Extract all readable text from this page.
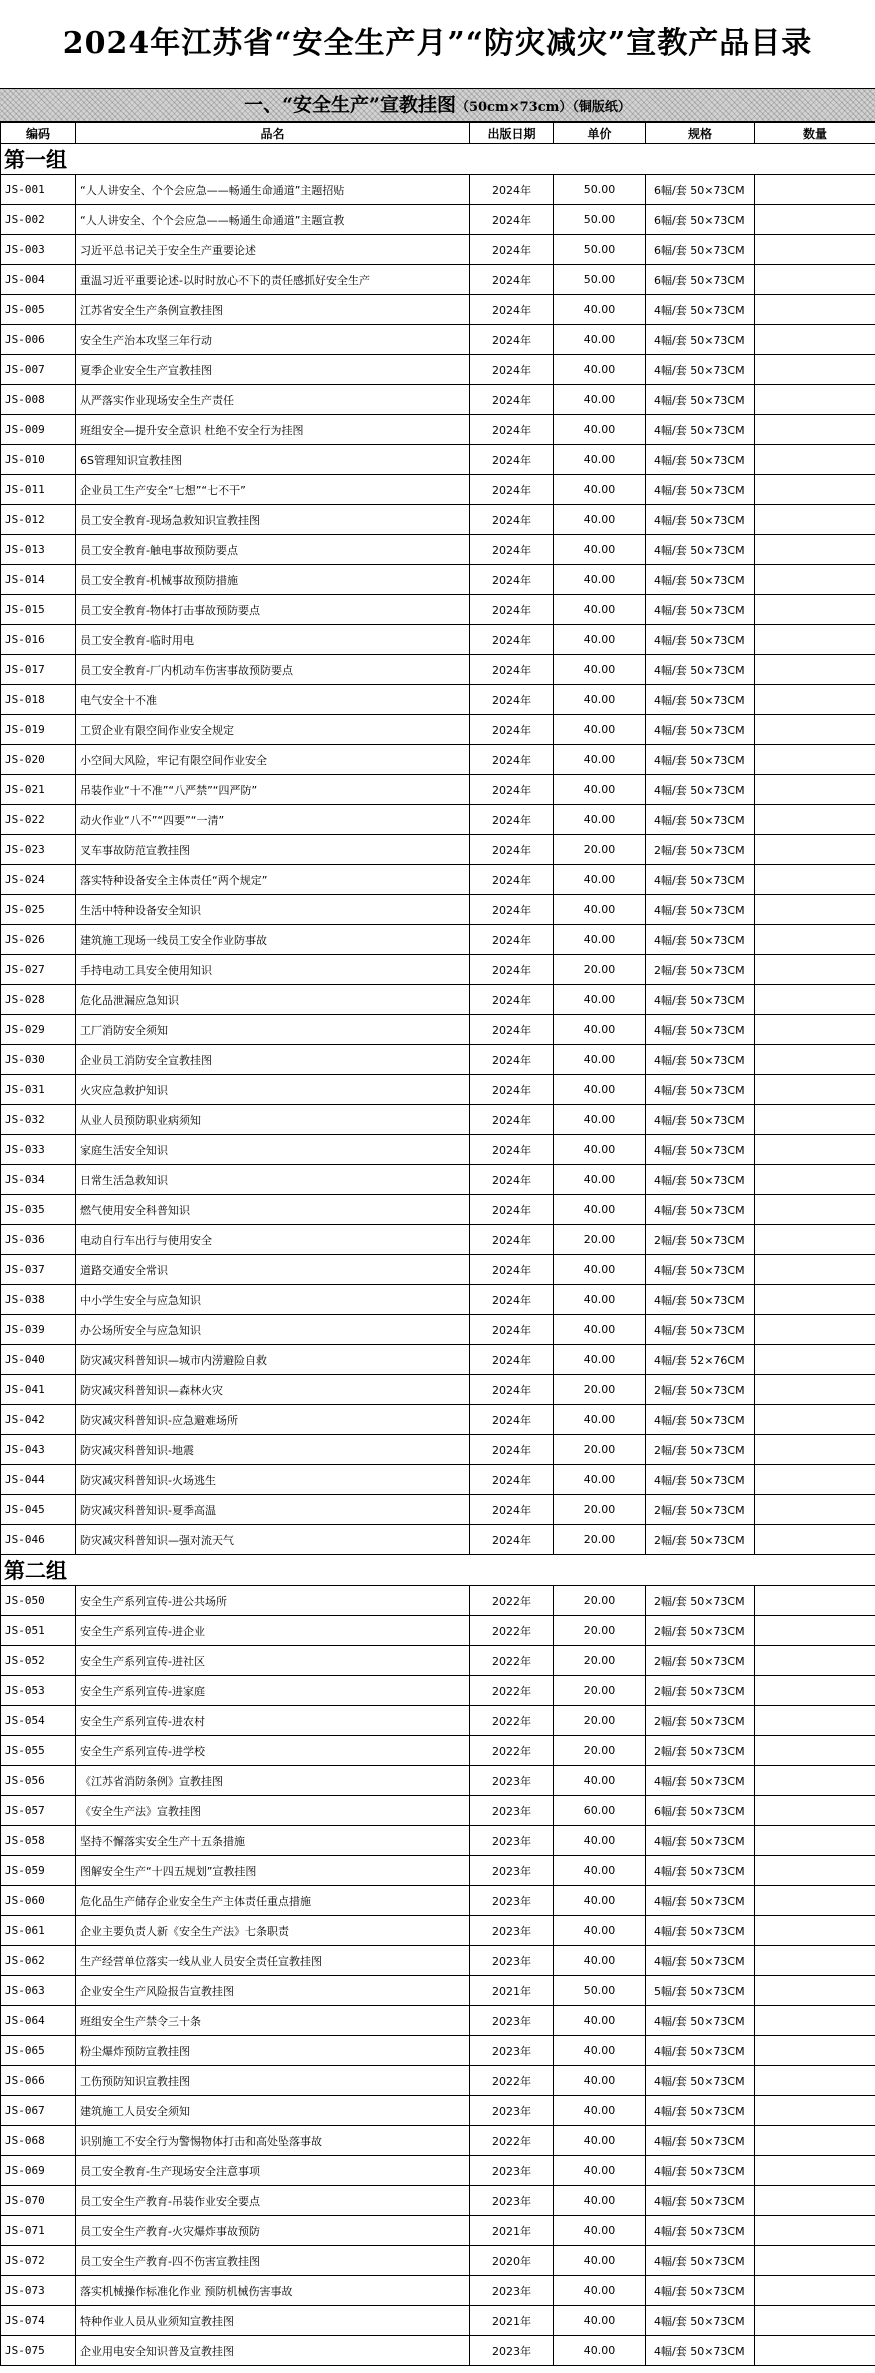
2024年江苏省“安全生产月”“防灾减灾”宣教产品目录
一、“安全生产”宣教挂图（50cm×73cm）（铜版纸）
编码	品名	出版日期	单价	规格	数量
第一组					
JS-001	“人人讲安全、个个会应急——畅通生命通道”主题招贴	2024年	50.00	6幅/套 50×73CM	
JS-002	“人人讲安全、个个会应急——畅通生命通道”主题宣教	2024年	50.00	6幅/套 50×73CM	
JS-003	习近平总书记关于安全生产重要论述	2024年	50.00	6幅/套 50×73CM	
JS-004	重温习近平重要论述-以时时放心不下的责任感抓好安全生产	2024年	50.00	6幅/套 50×73CM	
JS-005	江苏省安全生产条例宣教挂图	2024年	40.00	4幅/套 50×73CM	
JS-006	安全生产治本攻坚三年行动	2024年	40.00	4幅/套 50×73CM	
JS-007	夏季企业安全生产宣教挂图	2024年	40.00	4幅/套 50×73CM	
JS-008	从严落实作业现场安全生产责任	2024年	40.00	4幅/套 50×73CM	
JS-009	班组安全—提升安全意识 杜绝不安全行为挂图	2024年	40.00	4幅/套 50×73CM	
JS-010	6S管理知识宣教挂图	2024年	40.00	4幅/套 50×73CM	
JS-011	企业员工生产安全“七想”“七不干”	2024年	40.00	4幅/套 50×73CM	
JS-012	员工安全教育-现场急救知识宣教挂图	2024年	40.00	4幅/套 50×73CM	
JS-013	员工安全教育-触电事故预防要点	2024年	40.00	4幅/套 50×73CM	
JS-014	员工安全教育-机械事故预防措施	2024年	40.00	4幅/套 50×73CM	
JS-015	员工安全教育-物体打击事故预防要点	2024年	40.00	4幅/套 50×73CM	
JS-016	员工安全教育-临时用电	2024年	40.00	4幅/套 50×73CM	
JS-017	员工安全教育-厂内机动车伤害事故预防要点	2024年	40.00	4幅/套 50×73CM	
JS-018	电气安全十不准	2024年	40.00	4幅/套 50×73CM	
JS-019	工贸企业有限空间作业安全规定	2024年	40.00	4幅/套 50×73CM	
JS-020	小空间大风险，牢记有限空间作业安全	2024年	40.00	4幅/套 50×73CM	
JS-021	吊装作业“十不准”“八严禁”“四严防”	2024年	40.00	4幅/套 50×73CM	
JS-022	动火作业“八不”“四要”“一清”	2024年	40.00	4幅/套 50×73CM	
JS-023	叉车事故防范宣教挂图	2024年	20.00	2幅/套 50×73CM	
JS-024	落实特种设备安全主体责任“两个规定”	2024年	40.00	4幅/套 50×73CM	
JS-025	生活中特种设备安全知识	2024年	40.00	4幅/套 50×73CM	
JS-026	建筑施工现场一线员工安全作业防事故	2024年	40.00	4幅/套 50×73CM	
JS-027	手持电动工具安全使用知识	2024年	20.00	2幅/套 50×73CM	
JS-028	危化品泄漏应急知识	2024年	40.00	4幅/套 50×73CM	
JS-029	工厂消防安全须知	2024年	40.00	4幅/套 50×73CM	
JS-030	企业员工消防安全宣教挂图	2024年	40.00	4幅/套 50×73CM	
JS-031	火灾应急救护知识	2024年	40.00	4幅/套 50×73CM	
JS-032	从业人员预防职业病须知	2024年	40.00	4幅/套 50×73CM	
JS-033	家庭生活安全知识	2024年	40.00	4幅/套 50×73CM	
JS-034	日常生活急救知识	2024年	40.00	4幅/套 50×73CM	
JS-035	燃气使用安全科普知识	2024年	40.00	4幅/套 50×73CM	
JS-036	电动自行车出行与使用安全	2024年	20.00	2幅/套 50×73CM	
JS-037	道路交通安全常识	2024年	40.00	4幅/套 50×73CM	
JS-038	中小学生安全与应急知识	2024年	40.00	4幅/套 50×73CM	
JS-039	办公场所安全与应急知识	2024年	40.00	4幅/套 50×73CM	
JS-040	防灾减灾科普知识—城市内涝避险自救	2024年	40.00	4幅/套 52×76CM	
JS-041	防灾减灾科普知识—森林火灾	2024年	20.00	2幅/套 50×73CM	
JS-042	防灾减灾科普知识-应急避难场所	2024年	40.00	4幅/套 50×73CM	
JS-043	防灾减灾科普知识-地震	2024年	20.00	2幅/套 50×73CM	
JS-044	防灾减灾科普知识-火场逃生	2024年	40.00	4幅/套 50×73CM	
JS-045	防灾减灾科普知识-夏季高温	2024年	20.00	2幅/套 50×73CM	
JS-046	防灾减灾科普知识—强对流天气	2024年	20.00	2幅/套 50×73CM	
第二组					
JS-050	安全生产系列宣传-进公共场所	2022年	20.00	2幅/套 50×73CM	
JS-051	安全生产系列宣传-进企业	2022年	20.00	2幅/套 50×73CM	
JS-052	安全生产系列宣传-进社区	2022年	20.00	2幅/套 50×73CM	
JS-053	安全生产系列宣传-进家庭	2022年	20.00	2幅/套 50×73CM	
JS-054	安全生产系列宣传-进农村	2022年	20.00	2幅/套 50×73CM	
JS-055	安全生产系列宣传-进学校	2022年	20.00	2幅/套 50×73CM	
JS-056	《江苏省消防条例》宣教挂图	2023年	40.00	4幅/套 50×73CM	
JS-057	《安全生产法》宣教挂图	2023年	60.00	6幅/套 50×73CM	
JS-058	坚持不懈落实安全生产十五条措施	2023年	40.00	4幅/套 50×73CM	
JS-059	图解安全生产“十四五规划”宣教挂图	2023年	40.00	4幅/套 50×73CM	
JS-060	危化品生产储存企业安全生产主体责任重点措施	2023年	40.00	4幅/套 50×73CM	
JS-061	企业主要负责人新《安全生产法》七条职责	2023年	40.00	4幅/套 50×73CM	
JS-062	生产经营单位落实一线从业人员安全责任宣教挂图	2023年	40.00	4幅/套 50×73CM	
JS-063	企业安全生产风险报告宣教挂图	2021年	50.00	5幅/套 50×73CM	
JS-064	班组安全生产禁令三十条	2023年	40.00	4幅/套 50×73CM	
JS-065	粉尘爆炸预防宣教挂图	2023年	40.00	4幅/套 50×73CM	
JS-066	工伤预防知识宣教挂图	2022年	40.00	4幅/套 50×73CM	
JS-067	建筑施工人员安全须知	2023年	40.00	4幅/套 50×73CM	
JS-068	识别施工不安全行为警惕物体打击和高处坠落事故	2022年	40.00	4幅/套 50×73CM	
JS-069	员工安全教育-生产现场安全注意事项	2023年	40.00	4幅/套 50×73CM	
JS-070	员工安全生产教育-吊装作业安全要点	2023年	40.00	4幅/套 50×73CM	
JS-071	员工安全生产教育-火灾爆炸事故预防	2021年	40.00	4幅/套 50×73CM	
JS-072	员工安全生产教育-四不伤害宣教挂图	2020年	40.00	4幅/套 50×73CM	
JS-073	落实机械操作标准化作业 预防机械伤害事故	2023年	40.00	4幅/套 50×73CM	
JS-074	特种作业人员从业须知宣教挂图	2021年	40.00	4幅/套 50×73CM	
JS-075	企业用电安全知识普及宣教挂图	2023年	40.00	4幅/套 50×73CM	
